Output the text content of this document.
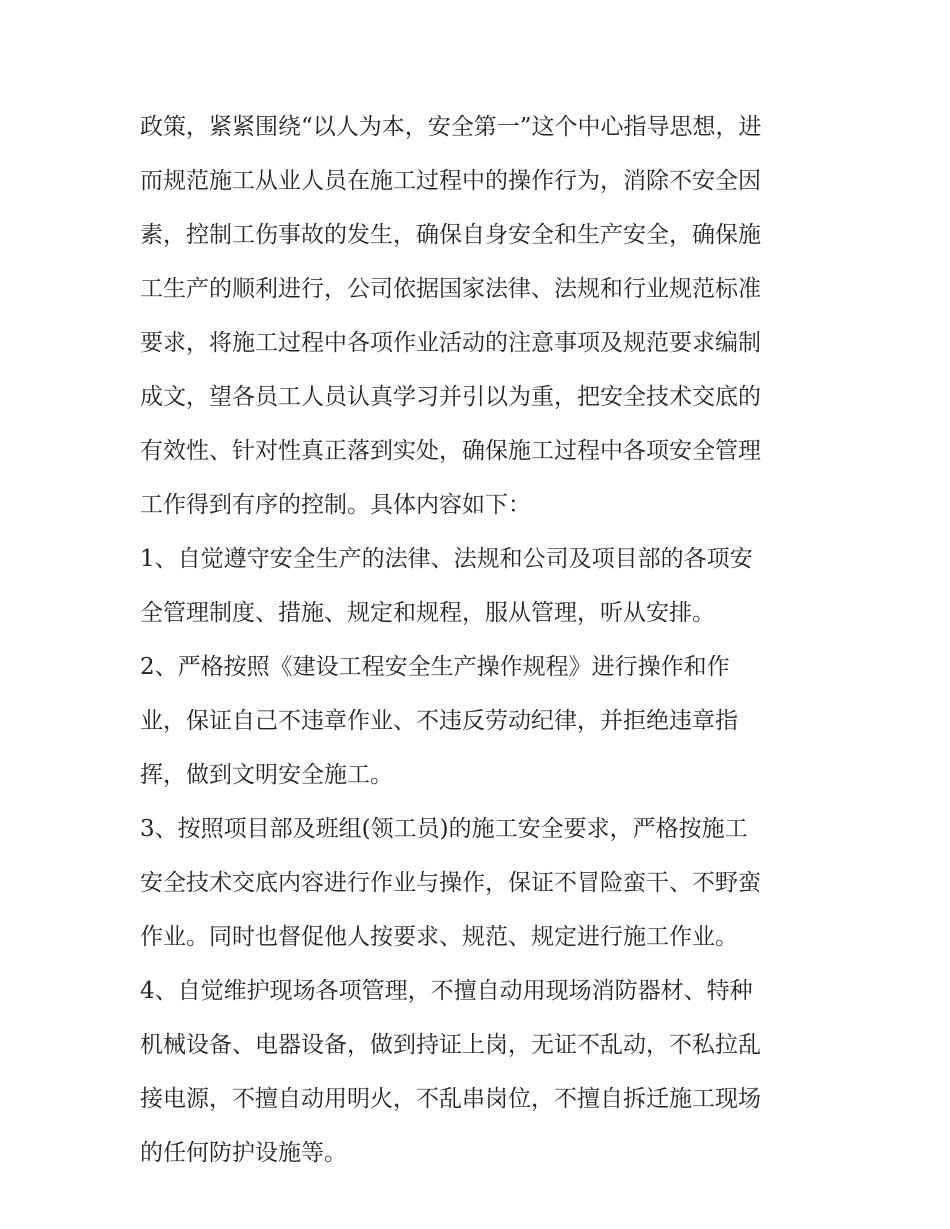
政策，紧紧围绕“以人为本，安全第一”这个中心指导思想，进
而规范施工从业人员在施工过程中的操作行为，消除不安全因
素，控制工伤事故的发生，确保自身安全和生产安全，确保施
工生产的顺利进行，公司依据国家法律、法规和行业规范标准
要求，将施工过程中各项作业活动的注意事项及规范要求编制
成文，望各员工人员认真学习并引以为重，把安全技术交底的
有效性、针对性真正落到实处，确保施工过程中各项安全管理
工作得到有序的控制。具体内容如下：
1、自觉遵守安全生产的法律、法规和公司及项目部的各项安
全管理制度、措施、规定和规程，服从管理，听从安排。
2、严格按照《建设工程安全生产操作规程》进行操作和作
业，保证自己不违章作业、不违反劳动纪律，并拒绝违章指
挥，做到文明安全施工。
3、按照项目部及班组(领工员)的施工安全要求，严格按施工
安全技术交底内容进行作业与操作，保证不冒险蛮干、不野蛮
作业。同时也督促他人按要求、规范、规定进行施工作业。
4、自觉维护现场各项管理，不擅自动用现场消防器材、特种
机械设备、电器设备，做到持证上岗，无证不乱动，不私拉乱
接电源，不擅自动用明火，不乱串岗位，不擅自拆迁施工现场
的任何防护设施等。
